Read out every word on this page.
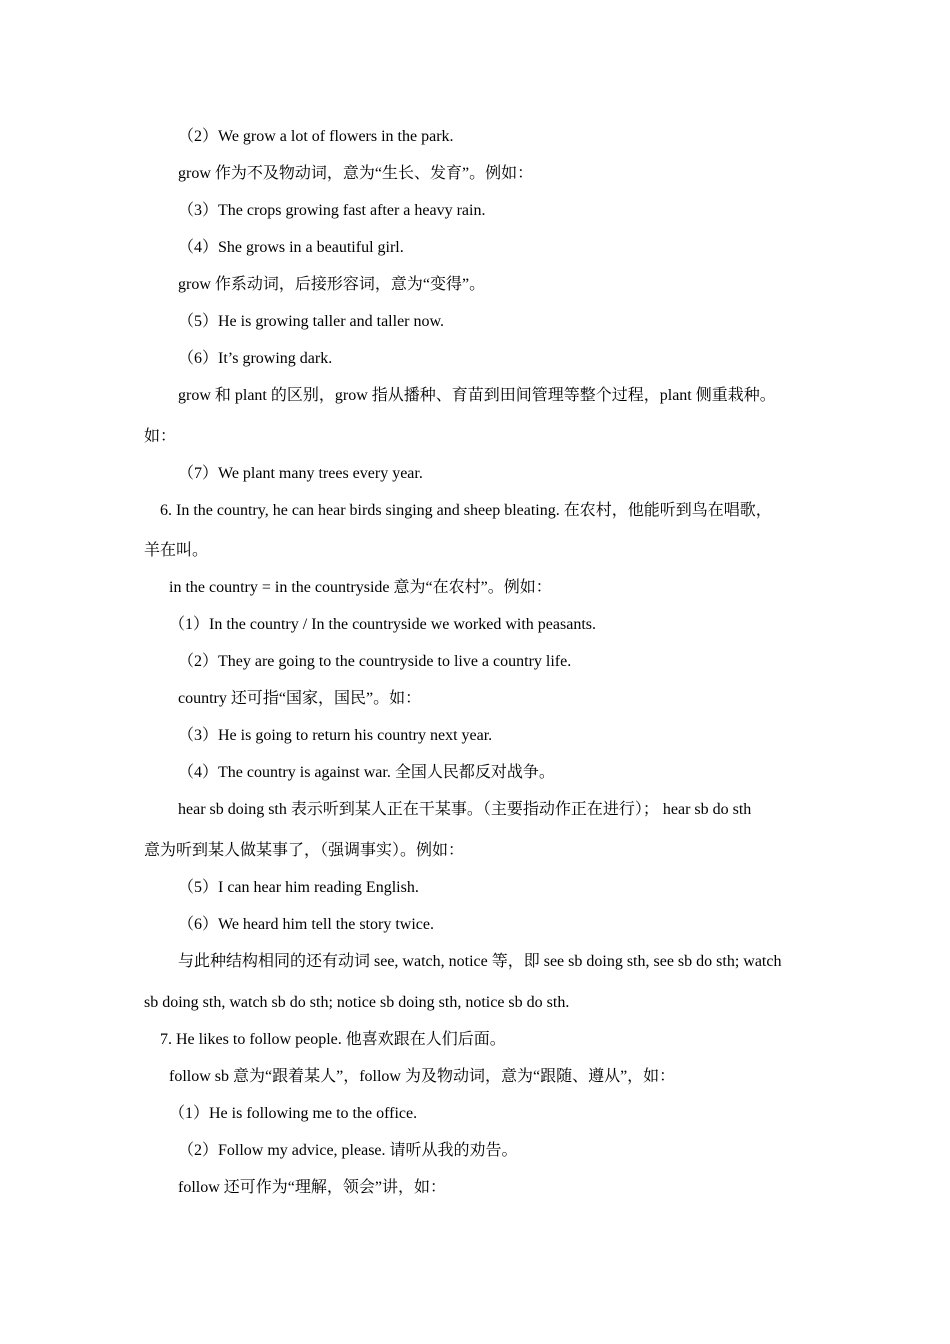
（2）We grow a lot of flowers in the park.
grow 作为不及物动词，意为“生长、发育”。例如：
（3）The crops growing fast after a heavy rain.
（4）She grows in a beautiful girl.
grow 作系动词，后接形容词，意为“变得”。
（5）He is growing taller and taller now.
（6）It’s growing dark.
grow 和 plant 的区别，grow 指从播种、育苗到田间管理等整个过程，plant 侧重栽种。
如：
（7）We plant many trees every year.
6. In the country, he can hear birds singing and sheep bleating. 在农村，他能听到鸟在唱歌，
羊在叫。
in the country = in the countryside 意为“在农村”。例如：
（1）In the country / In the countryside we worked with peasants.
（2）They are going to the countryside to live a country life.
country 还可指“国家，国民”。如：
（3）He is going to return his country next year.
（4）The country is against war. 全国人民都反对战争。
hear sb doing sth 表示听到某人正在干某事。（主要指动作正在进行）； hear sb do sth
意为听到某人做某事了，（强调事实）。例如：
（5）I can hear him reading English.
（6）We heard him tell the story twice.
与此种结构相同的还有动词 see, watch, notice 等，即 see sb doing sth, see sb do sth; watch
sb doing sth, watch sb do sth; notice sb doing sth, notice sb do sth.
7. He likes to follow people. 他喜欢跟在人们后面。
follow sb 意为“跟着某人”，follow 为及物动词，意为“跟随、遵从”，如：
（1）He is following me to the office.
（2）Follow my advice, please. 请听从我的劝告。
follow 还可作为“理解，领会”讲，如：
